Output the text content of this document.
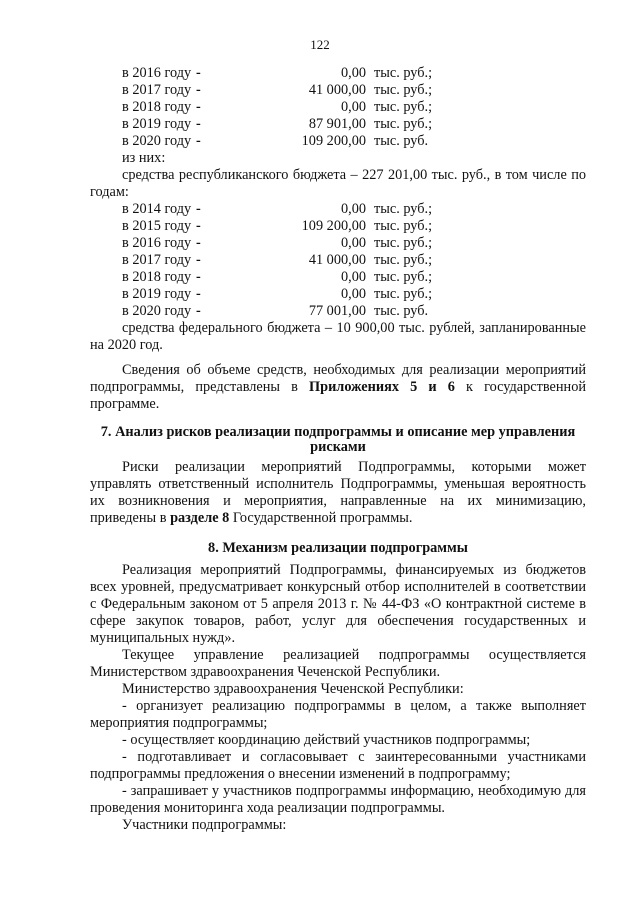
122
в 2016 году -	0,00 тыс. руб.;
в 2017 году -	41 000,00 тыс. руб.;
в 2018 году -	0,00 тыс. руб.;
в 2019 году -	87 901,00 тыс. руб.;
в 2020 году -	109 200,00 тыс. руб.
из них:
средства республиканского бюджета – 227 201,00 тыс. руб., в том числе по годам:
в 2014 году -	0,00 тыс. руб.;
в 2015 году -	109 200,00 тыс. руб.;
в 2016 году -	0,00 тыс. руб.;
в 2017 году -	41 000,00 тыс. руб.;
в 2018 году -	0,00 тыс. руб.;
в 2019 году -	0,00 тыс. руб.;
в 2020 году -	77 001,00 тыс. руб.
средства федерального бюджета – 10 900,00 тыс. рублей, запланированные на 2020 год.
Сведения об объеме средств, необходимых для реализации мероприятий подпрограммы, представлены в Приложениях 5 и 6 к государственной программе.
7. Анализ рисков реализации подпрограммы и описание мер управления рисками
Риски реализации мероприятий Подпрограммы, которыми может управлять ответственный исполнитель Подпрограммы, уменьшая вероятность их возникновения и мероприятия, направленные на их минимизацию, приведены в разделе 8 Государственной программы.
8. Механизм реализации подпрограммы
Реализация мероприятий Подпрограммы, финансируемых из бюджетов всех уровней, предусматривает конкурсный отбор исполнителей в соответствии с Федеральным законом от 5 апреля 2013 г. № 44-ФЗ «О контрактной системе в сфере закупок товаров, работ, услуг для обеспечения государственных и муниципальных нужд».
Текущее управление реализацией подпрограммы осуществляется Министерством здравоохранения Чеченской Республики.
Министерство здравоохранения Чеченской Республики:
- организует реализацию подпрограммы в целом, а также выполняет мероприятия подпрограммы;
- осуществляет координацию действий участников подпрограммы;
- подготавливает и согласовывает с заинтересованными участниками подпрограммы предложения о внесении изменений в подпрограмму;
- запрашивает у участников подпрограммы информацию, необходимую для проведения мониторинга хода реализации подпрограммы.
Участники подпрограммы:
